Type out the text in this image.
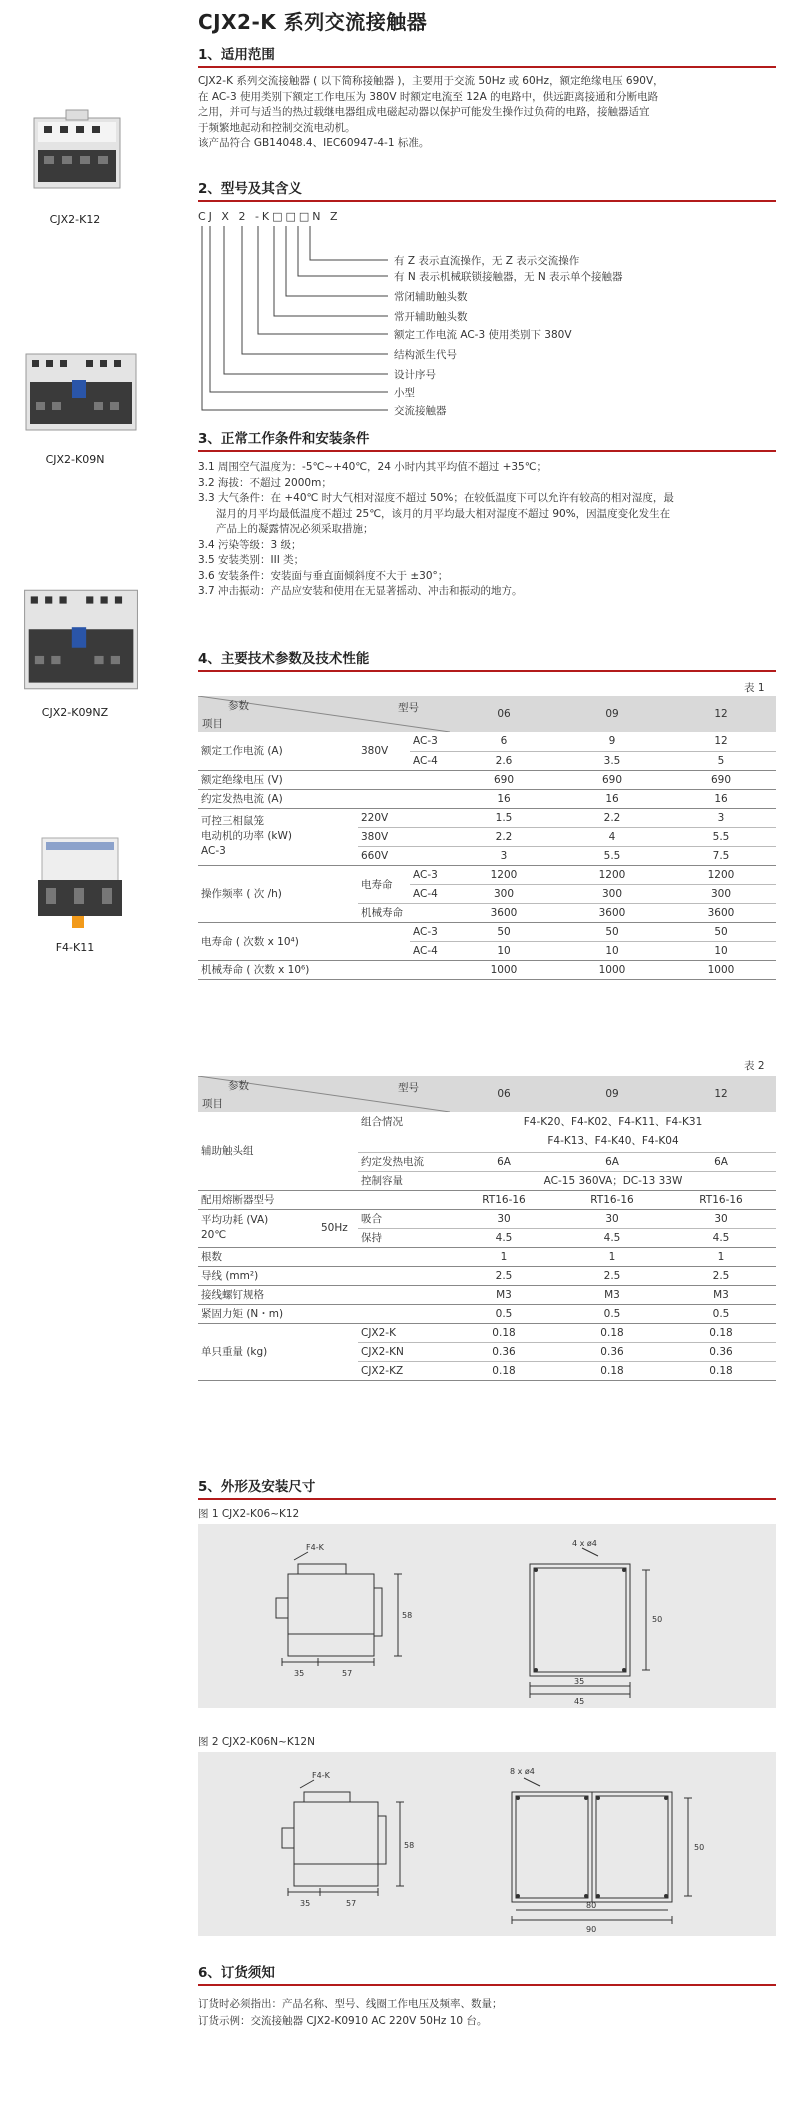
CJX2-K 系列交流接触器
CJX2-K12
CJX2-K09N
CJX2-K09NZ
F4-K11
1、适用范围
CJX2-K 系列交流接触器 ( 以下简称接触器 )，主要用于交流 50Hz 或 60Hz，额定绝缘电压 690V，
在 AC-3 使用类别下额定工作电压为 380V 时额定电流至 12A 的电路中，供远距离接通和分断电路
之用，并可与适当的热过载继电器组成电磁起动器以保护可能发生操作过负荷的电路，接触器适宜
于频繁地起动和控制交流电动机。
该产品符合 GB14048.4、IEC60947-4-1 标准。
2、型号及其含义
CJ X 2 -K□□□N Z
有 Z 表示直流操作，无 Z 表示交流操作
有 N 表示机械联锁接触器，无 N 表示单个接触器
常闭辅助触头数
常开辅助触头数
额定工作电流 AC-3 使用类别下 380V
结构派生代号
设计序号
小型
交流接触器
3、正常工作条件和安装条件
3.1 周围空气温度为：-5℃~+40℃，24 小时内其平均值不超过 +35℃；
3.2 海拔：不超过 2000m；
3.3 大气条件：在 +40℃ 时大气相对湿度不超过 50%；在较低温度下可以允许有较高的相对湿度，最
湿月的月平均最低温度不超过 25℃，该月的月平均最大相对湿度不超过 90%，因温度变化发生在
产品上的凝露情况必须采取措施；
3.4 污染等级：3 级；
3.5 安装类别：III 类；
3.6 安装条件：安装面与垂直面倾斜度不大于 ±30°；
3.7 冲击振动：产品应安装和使用在无显著摇动、冲击和振动的地方。
4、主要技术参数及技术性能
表 1
参数
项目
型号			06	09	12
额定工作电流 (A)	380V	AC-3	6	9	12
		AC-4	2.6	3.5	5
额定绝缘电压 (V)			690	690	690
约定发热电流 (A)			16	16	16

可控三相鼠笼
电动机的功率 (kW)
AC-3	220V		1.5	2.2	3
	380V		2.2	4	5.5
	660V		3	5.5	7.5
操作频率 ( 次 /h)	电寿命	AC-3	1200	1200	1200
		AC-4	300	300	300
	机械寿命		3600	3600	3600
电寿命 ( 次数 x 10⁴)		AC-3	50	50	50
		AC-4	10	10	10
机械寿命 ( 次数 x 10⁶)			1000	1000	1000
表 2
参数
项目
型号			06	09	12
辅助触头组		组合情况	F4-K20、F4-K02、F4-K11、F4-K31
F4-K13、F4-K40、F4-K04		

		约定发热电流	6A	6A	6A
		控制容量	AC-15 360VA；DC-13 33W		
配用熔断器型号			RT16-16	RT16-16	RT16-16

平均功耗 (VA)
20℃	50Hz	吸合	30	30	30
		保持	4.5	4.5	4.5
根数			1	1	1
导线 (mm²)			2.5	2.5	2.5
接线螺钉规格			M3	M3	M3
紧固力矩 (N・m)			0.5	0.5	0.5
单只重量 (kg)		CJX2-K	0.18	0.18	0.18
		CJX2-KN	0.36	0.36	0.36
		CJX2-KZ	0.18	0.18	0.18
5、外形及安装尺寸
图 1 CJX2-K06~K12
F4-K
35	57
58
4 x ø4
35
45
50
图 2 CJX2-K06N~K12N
F4-K
35	57
58
8 x ø4
80
90
50
6、订货须知
订货时必须指出：产品名称、型号、线圈工作电压及频率、数量；
订货示例：交流接触器 CJX2-K0910 AC 220V 50Hz 10 台。
